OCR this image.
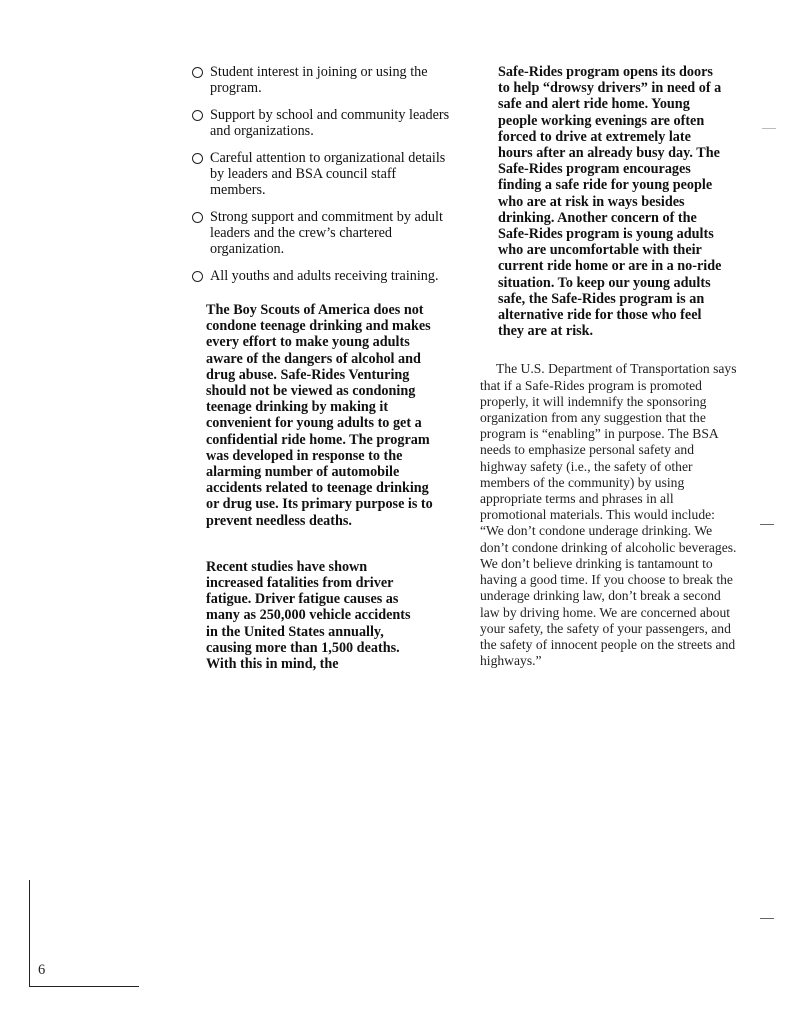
Student interest in joining or using the program.
Support by school and community leaders and organizations.
Careful attention to organizational details by leaders and BSA council staff members.
Strong support and commitment by adult leaders and the crew’s chartered organization.
All youths and adults receiving training.

The Boy Scouts of America does not condone teenage drinking and makes every effort to make young adults aware of the dangers of alcohol and drug abuse. Safe-Rides Venturing should not be viewed as condoning teenage drinking by making it convenient for young adults to get a confidential ride home. The program was developed in response to the alarming number of automobile accidents related to teenage drinking or drug use. Its primary purpose is to prevent needless deaths.

Recent studies have shown increased fatalities from driver fatigue. Driver fatigue causes as many as 250,000 vehicle accidents in the United States annually, causing more than 1,500 deaths. With this in mind, the

Safe-Rides program opens its doors to help “drowsy drivers” in need of a safe and alert ride home. Young people working evenings are often forced to drive at extremely late hours after an already busy day. The Safe-Rides program encourages finding a safe ride for young people who are at risk in ways besides drinking. Another concern of the Safe-Rides program is young adults who are uncomfortable with their current ride home or are in a no-ride situation. To keep our young adults safe, the Safe-Rides program is an alternative ride for those who feel they are at risk.

The U.S. Department of Transportation says that if a Safe-Rides program is promoted properly, it will indemnify the sponsoring organization from any suggestion that the program is “enabling” in purpose. The BSA needs to emphasize personal safety and highway safety (i.e., the safety of other members of the community) by using appropriate terms and phrases in all promotional materials. This would include: “We don’t condone underage drinking. We don’t condone drinking of alcoholic beverages. We don’t believe drinking is tantamount to having a good time. If you choose to break the underage drinking law, don’t break a second law by driving home. We are concerned about your safety, the safety of your passengers, and the safety of innocent people on the streets and highways.”

6
